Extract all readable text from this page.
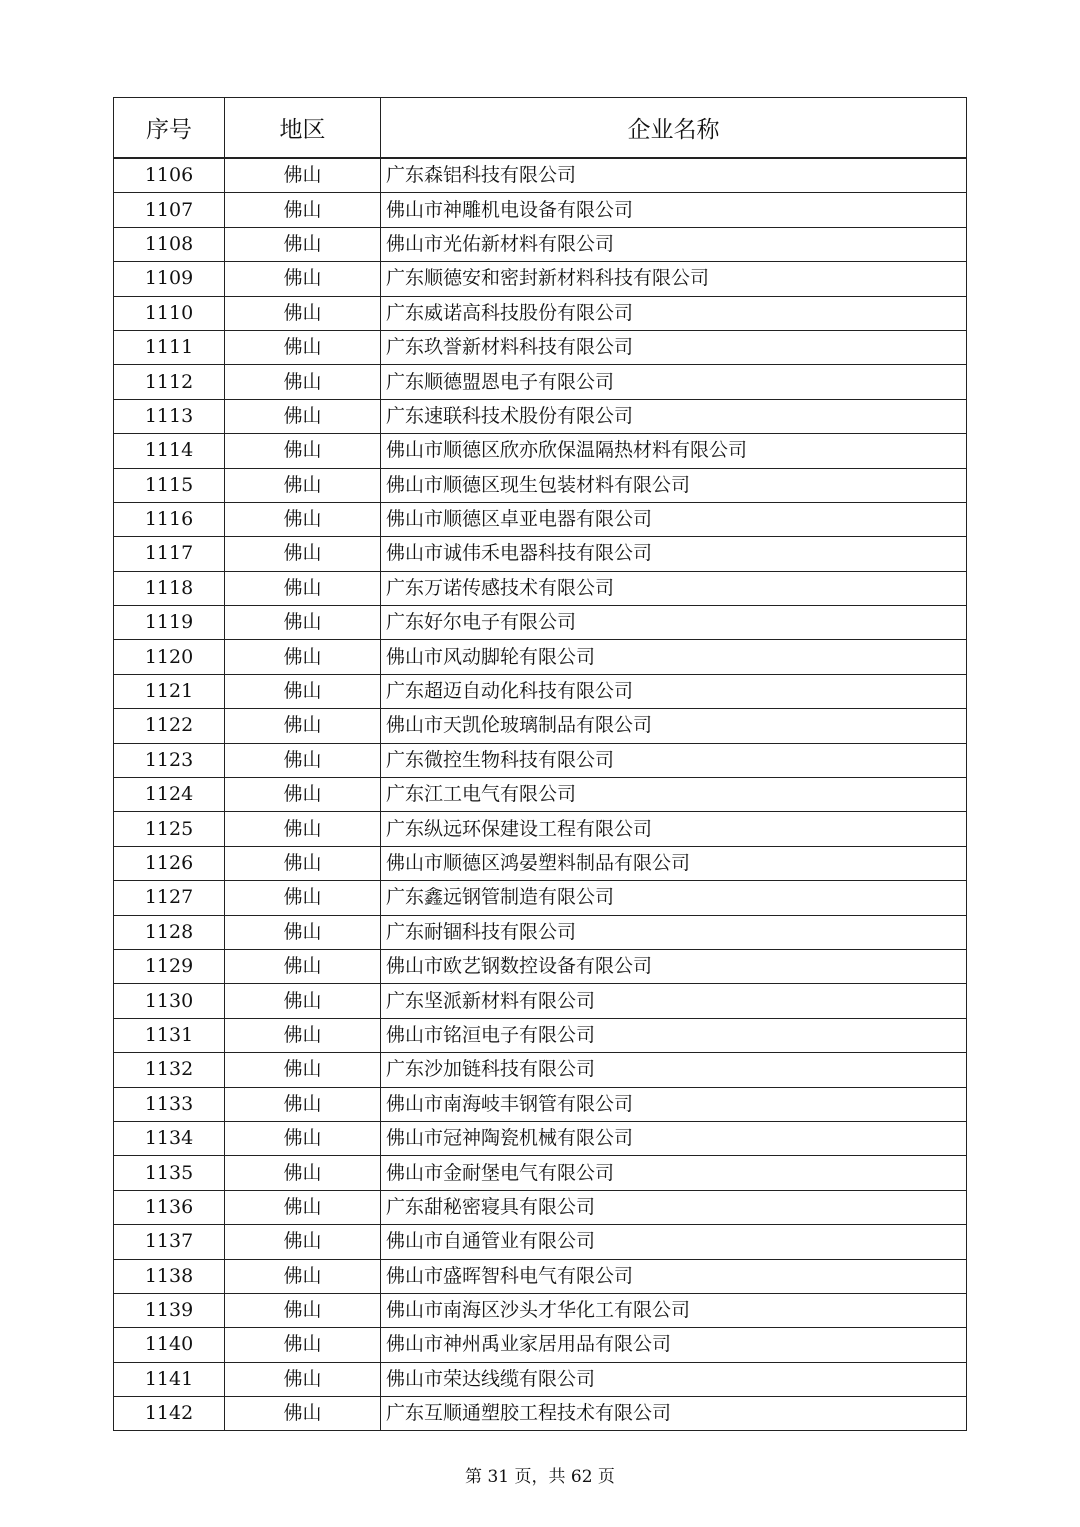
序号	地区	企业名称
1106	佛山	广东森铝科技有限公司
1107	佛山	佛山市神雕机电设备有限公司
1108	佛山	佛山市光佑新材料有限公司
1109	佛山	广东顺德安和密封新材料科技有限公司
1110	佛山	广东威诺高科技股份有限公司
1111	佛山	广东玖誉新材料科技有限公司
1112	佛山	广东顺德盟恩电子有限公司
1113	佛山	广东速联科技术股份有限公司
1114	佛山	佛山市顺德区欣亦欣保温隔热材料有限公司
1115	佛山	佛山市顺德区现生包装材料有限公司
1116	佛山	佛山市顺德区卓亚电器有限公司
1117	佛山	佛山市诚伟禾电器科技有限公司
1118	佛山	广东万诺传感技术有限公司
1119	佛山	广东好尔电子有限公司
1120	佛山	佛山市风动脚轮有限公司
1121	佛山	广东超迈自动化科技有限公司
1122	佛山	佛山市天凯伦玻璃制品有限公司
1123	佛山	广东微控生物科技有限公司
1124	佛山	广东江工电气有限公司
1125	佛山	广东纵远环保建设工程有限公司
1126	佛山	佛山市顺德区鸿晏塑料制品有限公司
1127	佛山	广东鑫远钢管制造有限公司
1128	佛山	广东耐锢科技有限公司
1129	佛山	佛山市欧艺钢数控设备有限公司
1130	佛山	广东坚派新材料有限公司
1131	佛山	佛山市铭洹电子有限公司
1132	佛山	广东沙加链科技有限公司
1133	佛山	佛山市南海岐丰钢管有限公司
1134	佛山	佛山市冠神陶瓷机械有限公司
1135	佛山	佛山市金耐堡电气有限公司
1136	佛山	广东甜秘密寝具有限公司
1137	佛山	佛山市自通管业有限公司
1138	佛山	佛山市盛晖智科电气有限公司
1139	佛山	佛山市南海区沙头才华化工有限公司
1140	佛山	佛山市神州禹业家居用品有限公司
1141	佛山	佛山市荣达线缆有限公司
1142	佛山	广东互顺通塑胶工程技术有限公司
第 31 页，共 62 页
